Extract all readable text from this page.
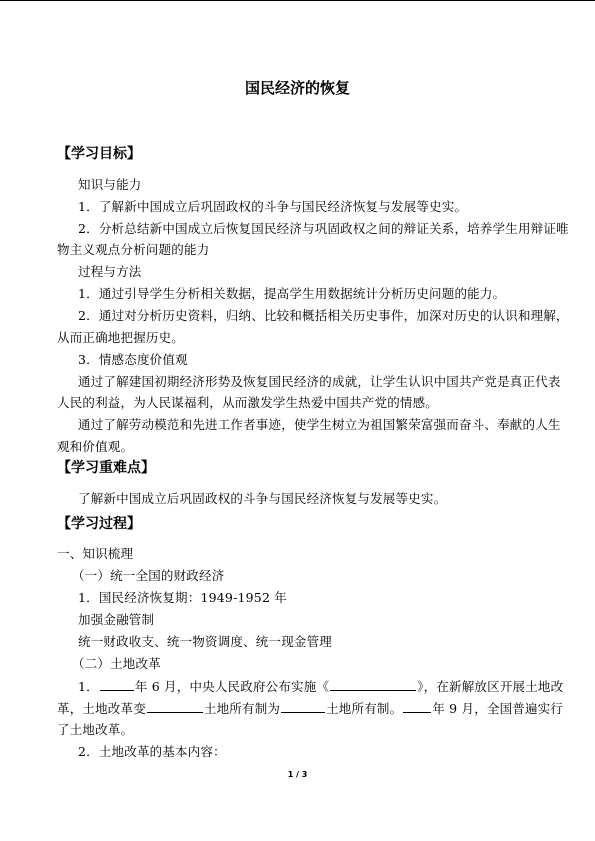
国民经济的恢复
【学习目标】
知识与能力
1．了解新中国成立后巩固政权的斗争与国民经济恢复与发展等史实。
2．分析总结新中国成立后恢复国民经济与巩固政权之间的辩证关系，培养学生用辩证唯
物主义观点分析问题的能力
过程与方法
1．通过引导学生分析相关数据，提高学生用数据统计分析历史问题的能力。
2．通过对分析历史资料，归纳、比较和概括相关历史事件，加深对历史的认识和理解，
从而正确地把握历史。
3．情感态度价值观
通过了解建国初期经济形势及恢复国民经济的成就，让学生认识中国共产党是真正代表
人民的利益，为人民谋福利，从而激发学生热爱中国共产党的情感。
通过了解劳动模范和先进工作者事迹，使学生树立为祖国繁荣富强而奋斗、奉献的人生
观和价值观。
【学习重难点】
了解新中国成立后巩固政权的斗争与国民经济恢复与发展等史实。
【学习过程】
一、知识梳理
（一）统一全国的财政经济
1．国民经济恢复期：1949-1952 年
加强金融管制
统一财政收支、统一物资调度、统一现金管理
（二）土地改革
1．	年 6 月，中央人民政府公布实施《	》，在新解放区开展土地改
革，土地改革变	土地所有制为	土地所有制。 年 9 月，全国普遍实行
了土地改革。
2．土地改革的基本内容：
1 / 3
